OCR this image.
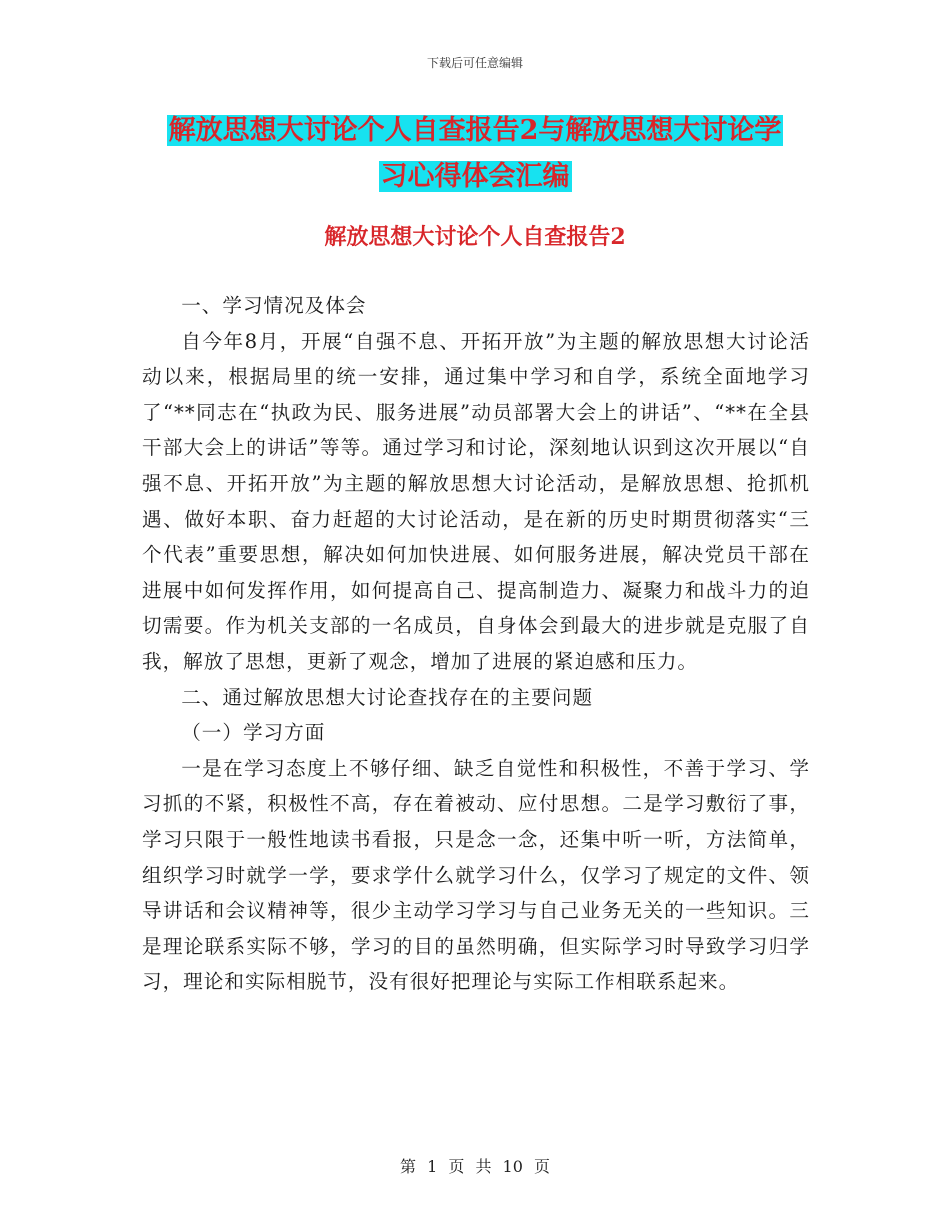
下载后可任意编辑
解放思想大讨论个人自查报告2与解放思想大讨论学
习心得体会汇编
解放思想大讨论个人自查报告2

一、学习情况及体会

自今年8月，开展“自强不息、开拓开放”为主题的解放思想大讨论活动以来，根据局里的统一安排，通过集中学习和自学，系统全面地学习了“**同志在“执政为民、服务进展”动员部署大会上的讲话”、“**在全县干部大会上的讲话”等等。通过学习和讨论，深刻地认识到这次开展以“自强不息、开拓开放”为主题的解放思想大讨论活动，是解放思想、抢抓机遇、做好本职、奋力赶超的大讨论活动，是在新的历史时期贯彻落实“三个代表”重要思想，解决如何加快进展、如何服务进展，解决党员干部在进展中如何发挥作用，如何提高自己、提高制造力、凝聚力和战斗力的迫切需要。作为机关支部的一名成员，自身体会到最大的进步就是克服了自我，解放了思想，更新了观念，增加了进展的紧迫感和压力。

二、通过解放思想大讨论查找存在的主要问题

（一）学习方面

一是在学习态度上不够仔细、缺乏自觉性和积极性，不善于学习、学习抓的不紧，积极性不高，存在着被动、应付思想。二是学习敷衍了事，学习只限于一般性地读书看报，只是念一念，还集中听一听，方法简单，组织学习时就学一学，要求学什么就学习什么，仅学习了规定的文件、领导讲话和会议精神等，很少主动学习学习与自己业务无关的一些知识。三是理论联系实际不够，学习的目的虽然明确，但实际学习时导致学习归学习，理论和实际相脱节，没有很好把理论与实际工作相联系起来。

第 1 页 共 10 页
